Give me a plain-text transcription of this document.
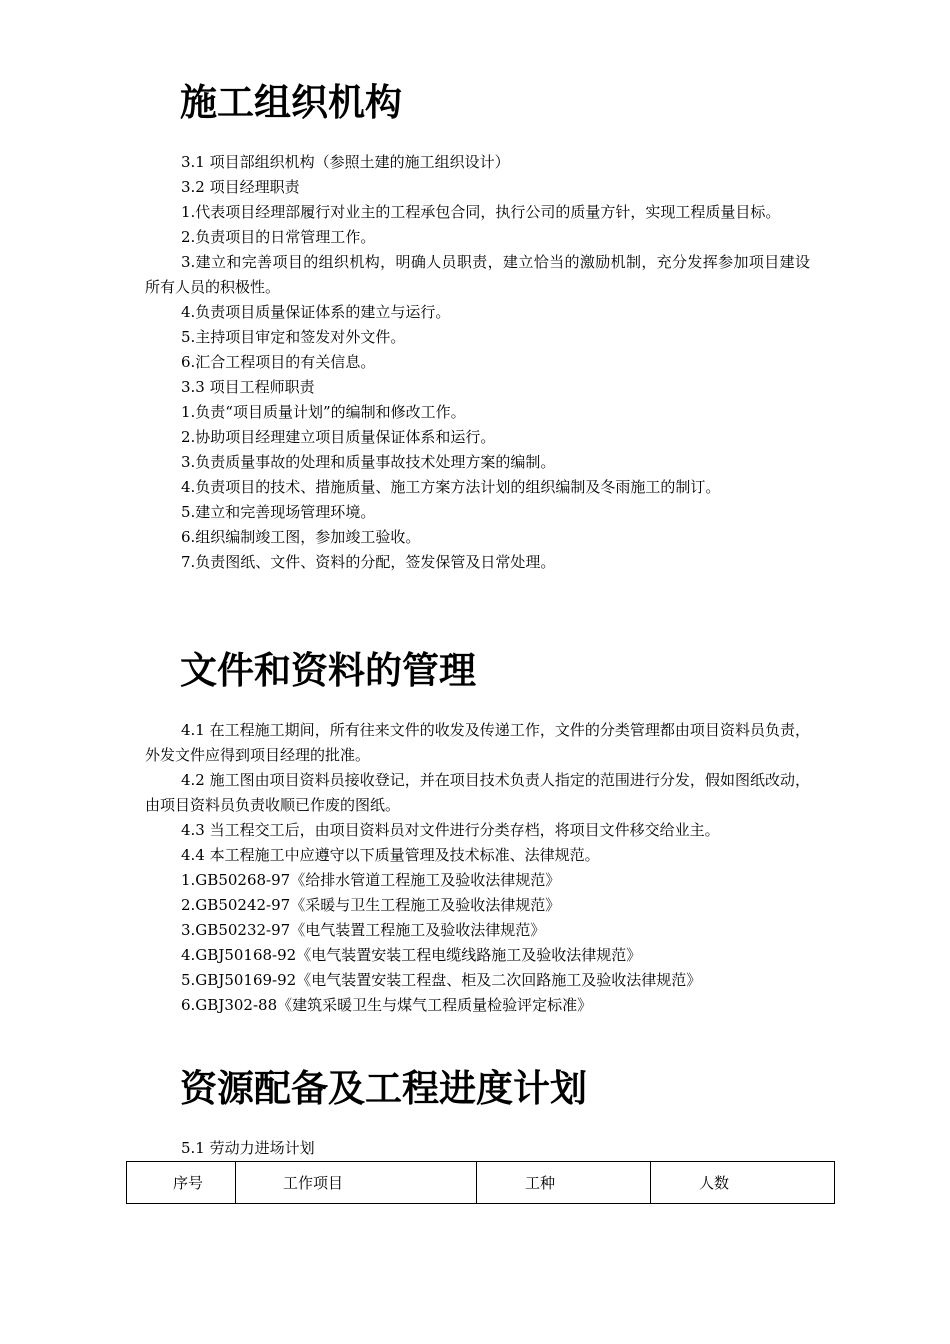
施工组织机构

3.1 项目部组织机构（参照土建的施工组织设计）

3.2 项目经理职责

1.代表项目经理部履行对业主的工程承包合同，执行公司的质量方针，实现工程质量目标。

2.负责项目的日常管理工作。

3.建立和完善项目的组织机构，明确人员职责，建立恰当的激励机制，充分发挥参加项目建设所有人员的积极性。

4.负责项目质量保证体系的建立与运行。

5.主持项目审定和签发对外文件。

6.汇合工程项目的有关信息。

3.3 项目工程师职责

1.负责“项目质量计划”的编制和修改工作。

2.协助项目经理建立项目质量保证体系和运行。

3.负责质量事故的处理和质量事故技术处理方案的编制。

4.负责项目的技术、措施质量、施工方案方法计划的组织编制及冬雨施工的制订。

5.建立和完善现场管理环境。

6.组织编制竣工图，参加竣工验收。

7.负责图纸、文件、资料的分配，签发保管及日常处理。

文件和资料的管理

4.1 在工程施工期间，所有往来文件的收发及传递工作，文件的分类管理都由项目资料员负责，外发文件应得到项目经理的批准。

4.2 施工图由项目资料员接收登记，并在项目技术负责人指定的范围进行分发，假如图纸改动，由项目资料员负责收顺已作废的图纸。

4.3 当工程交工后，由项目资料员对文件进行分类存档，将项目文件移交给业主。

4.4 本工程施工中应遵守以下质量管理及技术标准、法律规范。

1.GB50268-97《给排水管道工程施工及验收法律规范》

2.GB50242-97《采暖与卫生工程施工及验收法律规范》

3.GB50232-97《电气装置工程施工及验收法律规范》

4.GBJ50168-92《电气装置安装工程电缆线路施工及验收法律规范》

5.GBJ50169-92《电气装置安装工程盘、柜及二次回路施工及验收法律规范》

6.GBJ302-88《建筑采暖卫生与煤气工程质量检验评定标准》

资源配备及工程进度计划
5.1 劳动力进场计划
序号	工作项目	工种	人数
